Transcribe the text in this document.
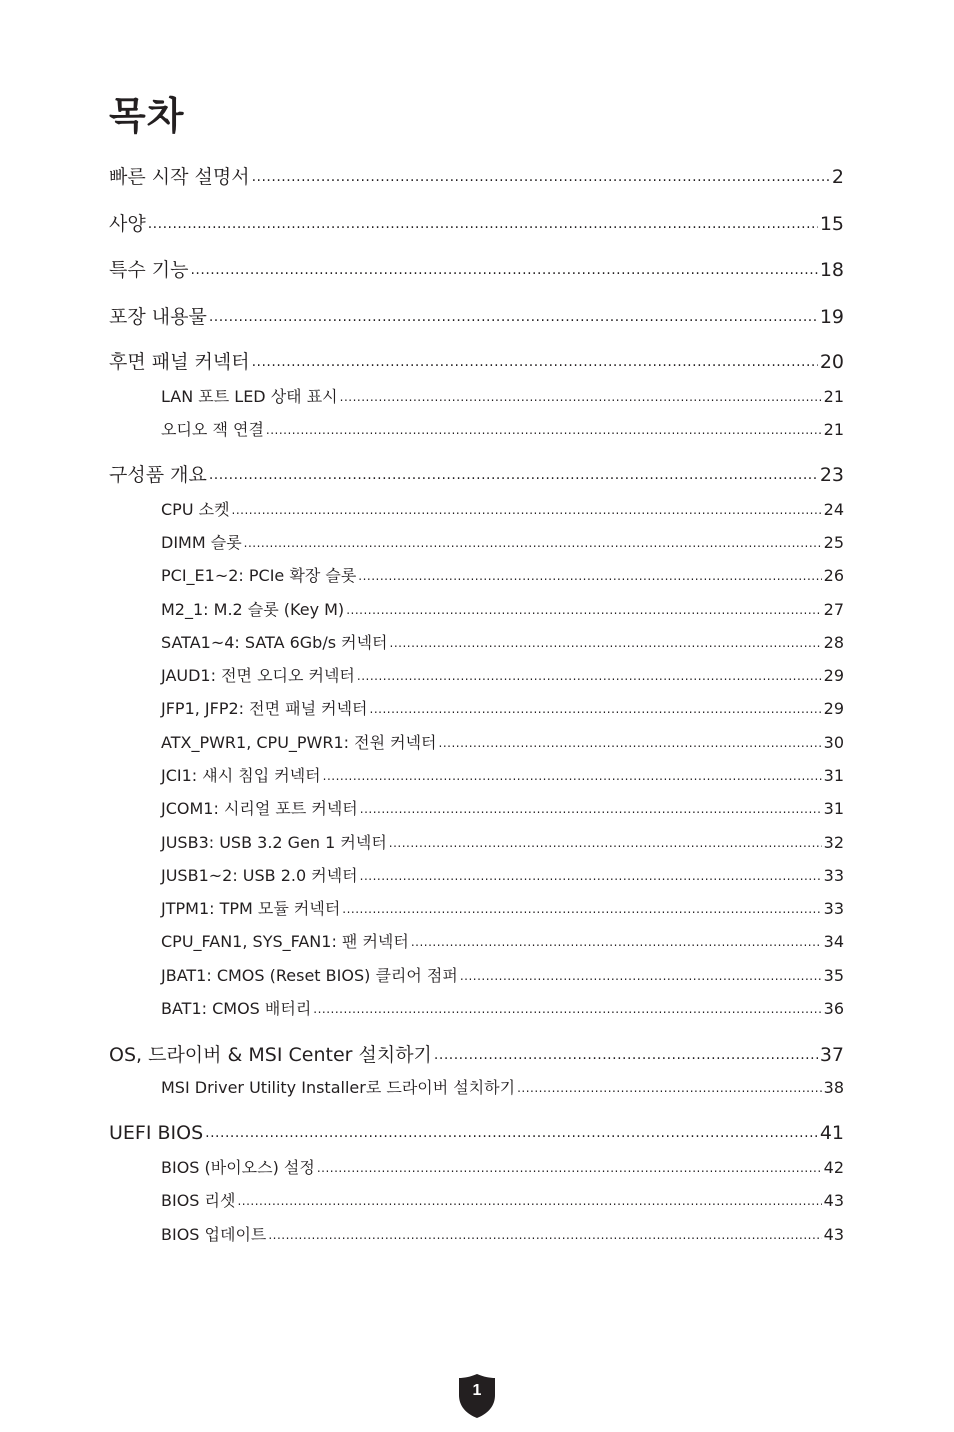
목차
빠른 시작 설명서 .....	2
사양 .....	15
특수 기능 .....	18
포장 내용물 .....	19
후면 패널 커넥터 .....	20
LAN 포트 LED 상태 표시 .....	21
오디오 잭 연결 .....	21
구성품 개요 .....	23
CPU 소켓 .....	24
DIMM 슬롯 .....	25
PCI_E1~2: PCIe 확장 슬롯 .....	26
M2_1: M.2 슬롯 (Key M) .....	27
SATA1~4: SATA 6Gb/s 커넥터 .....	28
JAUD1: 전면 오디오 커넥터 .....	29
JFP1, JFP2: 전면 패널 커넥터 .....	29
ATX_PWR1, CPU_PWR1: 전원 커넥터 .....	30
JCI1: 섀시 침입 커넥터 .....	31
JCOM1: 시리얼 포트 커넥터 .....	31
JUSB3: USB 3.2 Gen 1 커넥터 .....	32
JUSB1~2: USB 2.0 커넥터 .....	33
JTPM1: TPM 모듈 커넥터 .....	33
CPU_FAN1, SYS_FAN1: 팬 커넥터 .....	34
JBAT1: CMOS (Reset BIOS) 클리어 점퍼 .....	35
BAT1: CMOS 배터리 .....	36
OS, 드라이버 & MSI Center 설치하기 .....	37
MSI Driver Utility Installer로 드라이버 설치하기 .....	38
UEFI BIOS .....	41
BIOS (바이오스) 설정 .....	42
BIOS 리셋 .....	43
BIOS 업데이트 .....	43
1
